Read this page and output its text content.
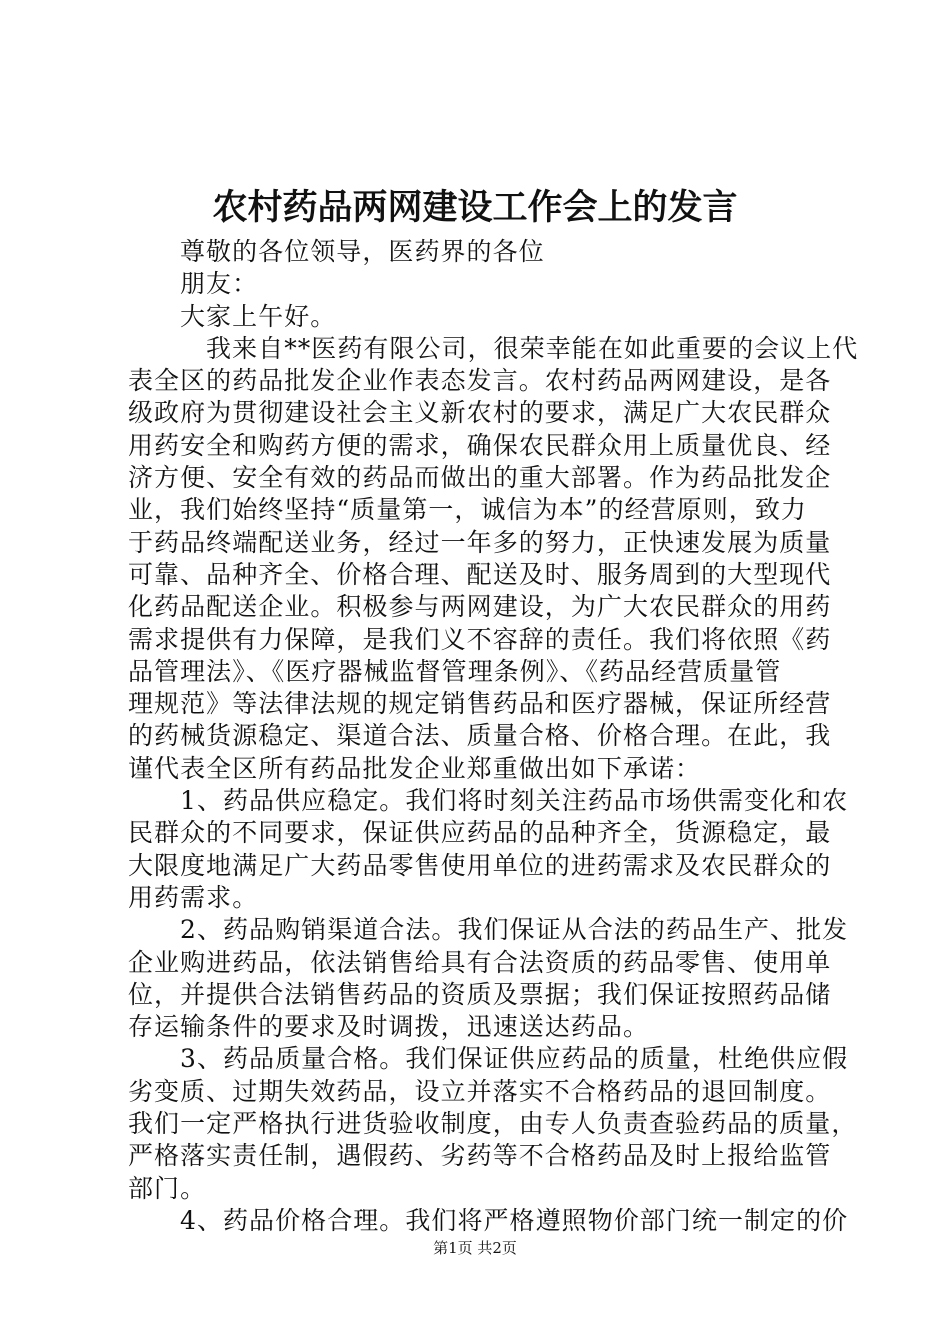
农村药品两网建设工作会上的发言
尊敬的各位领导，医药界的各位
朋友：
大家上午好。
　我来自**医药有限公司，很荣幸能在如此重要的会议上代
表全区的药品批发企业作表态发言。农村药品两网建设，是各
级政府为贯彻建设社会主义新农村的要求，满足广大农民群众
用药安全和购药方便的需求，确保农民群众用上质量优良、经
济方便、安全有效的药品而做出的重大部署。作为药品批发企
业，我们始终坚持“质量第一，诚信为本”的经营原则，致力
于药品终端配送业务，经过一年多的努力，正快速发展为质量
可靠、品种齐全、价格合理、配送及时、服务周到的大型现代
化药品配送企业。积极参与两网建设，为广大农民群众的用药
需求提供有力保障，是我们义不容辞的责任。我们将依照《药
品管理法》、《医疗器械监督管理条例》、《药品经营质量管
理规范》等法律法规的规定销售药品和医疗器械，保证所经营
的药械货源稳定、渠道合法、质量合格、价格合理。在此，我
谨代表全区所有药品批发企业郑重做出如下承诺：
1、药品供应稳定。我们将时刻关注药品市场供需变化和农
民群众的不同要求，保证供应药品的品种齐全，货源稳定，最
大限度地满足广大药品零售使用单位的进药需求及农民群众的
用药需求。
2、药品购销渠道合法。我们保证从合法的药品生产、批发
企业购进药品，依法销售给具有合法资质的药品零售、使用单
位，并提供合法销售药品的资质及票据；我们保证按照药品储
存运输条件的要求及时调拨，迅速送达药品。
3、药品质量合格。我们保证供应药品的质量，杜绝供应假
劣变质、过期失效药品，设立并落实不合格药品的退回制度。
我们一定严格执行进货验收制度，由专人负责查验药品的质量，
严格落实责任制，遇假药、劣药等不合格药品及时上报给监管
部门。
4、药品价格合理。我们将严格遵照物价部门统一制定的价
第1页 共2页
